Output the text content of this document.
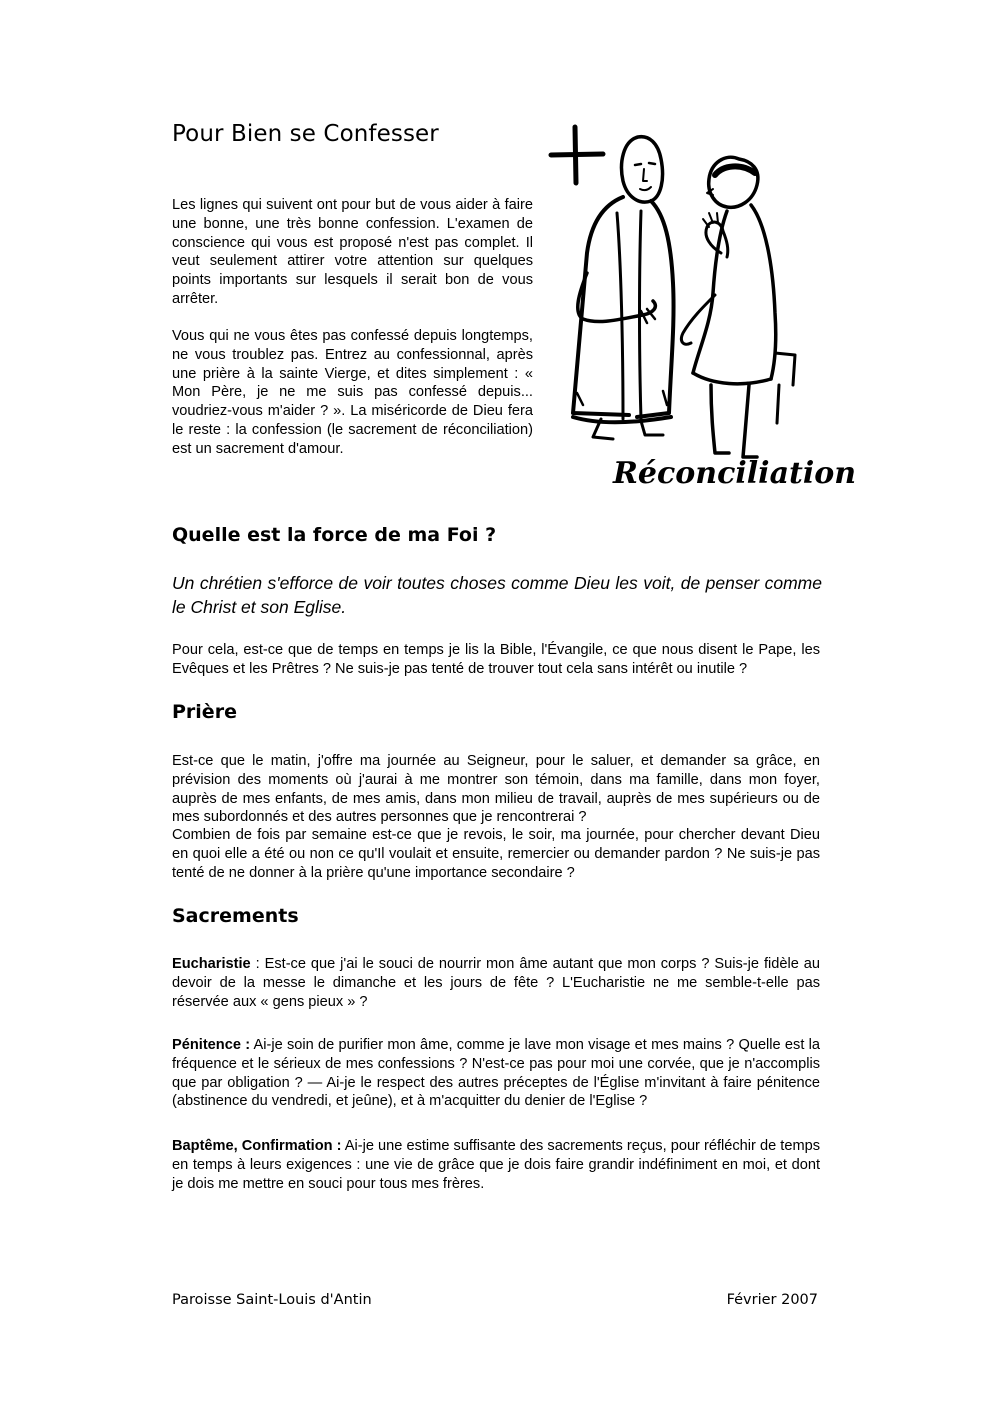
Pour Bien se Confesser

Les lignes qui suivent ont pour but de vous aider à faire une bonne, une très bonne confession. L'examen de conscience qui vous est proposé n'est pas complet. Il veut seulement attirer votre attention sur quelques points importants sur lesquels il serait bon de vous arrêter.

Vous qui ne vous êtes pas confessé depuis longtemps, ne vous troublez pas. Entrez au confessionnal, après une prière à la sainte Vierge, et dites simplement : « Mon Père, je ne me suis pas confessé depuis... voudriez-vous m'aider ? ». La miséricorde de Dieu fera le reste : la confession (le sacrement de réconciliation) est un sacrement d'amour.

Réconciliation
Quelle est la force de ma Foi ?

Un chrétien s'efforce de voir toutes choses comme Dieu les voit, de penser comme le Christ et son Eglise.

Pour cela, est-ce que de temps en temps je lis la Bible, l'Évangile, ce que nous disent le Pape, les Evêques et les Prêtres ? Ne suis-je pas tenté de trouver tout cela sans intérêt ou inutile ?

Prière

Est-ce que le matin, j'offre ma journée au Seigneur, pour le saluer, et demander sa grâce, en prévision des moments où j'aurai à me montrer son témoin, dans ma famille, dans mon foyer, auprès de mes enfants, de mes amis, dans mon milieu de travail, auprès de mes supérieurs ou de mes subordonnés et des autres personnes que je rencontrerai ?

Combien de fois par semaine est-ce que je revois, le soir, ma journée, pour chercher devant Dieu en quoi elle a été ou non ce qu'Il voulait et ensuite, remercier ou demander pardon ? Ne suis-je pas tenté de ne donner à la prière qu'une importance secondaire ?

Sacrements

Eucharistie : Est-ce que j'ai le souci de nourrir mon âme autant que mon corps ? Suis-je fidèle au devoir de la messe le dimanche et les jours de fête ? L'Eucharistie ne me semble-t-elle pas réservée aux « gens pieux » ?

Pénitence : Ai-je soin de purifier mon âme, comme je lave mon visage et mes mains ? Quelle est la fréquence et le sérieux de mes confessions ? N'est-ce pas pour moi une corvée, que je n'accomplis que par obligation ? — Ai-je le respect des autres préceptes de l'Église m'invitant à faire pénitence (abstinence du vendredi, et jeûne), et à m'acquitter du denier de l'Eglise ?

Baptême, Confirmation : Ai-je une estime suffisante des sacrements reçus, pour réfléchir de temps en temps à leurs exigences : une vie de grâce que je dois faire grandir indéfiniment en moi, et dont je dois me mettre en souci pour tous mes frères.

Paroisse Saint-Louis d'Antin	Février 2007
